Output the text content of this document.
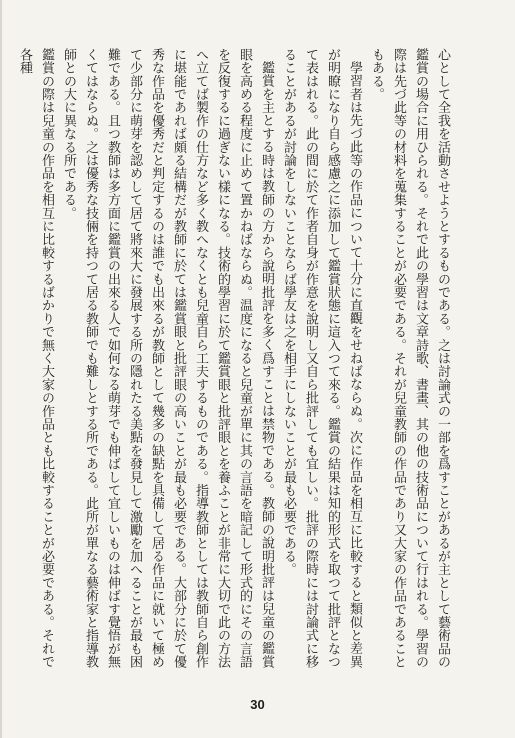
心として全我を活動させようとするものである。之は討論式の一部を爲すことがあるが主として藝術品の鑑賞の場合に用ひられる。それで此の學習は文章詩歌、書畫、其の他の技術品について行はれる。學習の際は先づ此等の材料を蒐集することが必要である。それが兒童教師の作品であり又大家の作品であることもある。

學習者は先づ此等の作品について十分に直觀をせねばならぬ。次に作品を相互に比較すると類似と差異が明瞭になり自ら感慮之に添加して鑑賞狀態に這入つて來る。鑑賞の結果は知的形式を取つて批評となつて表はれる。此の間に於て作者自身が作意を說明し又自ら批評しても宜しい。批評の際時には討論式に移ることがあるが討論をしないことならば學友は之を相手にしないことが最も必要である。

鑑賞を主とする時は教師の方から說明批評を多く爲すことは禁物である。教師の說明批評は兒童の鑑賞眼を高める程度に止めて置かねばならぬ。温度になると兒童が單に其の言語を暗記して形式的にその言語を反復するに過ぎない樣になる。技術的學習に於て鑑賞眼と批評眼とを養ふことが非常に大切で此の方法へ立てば製作の仕方など多く教へなくとも兒童自ら工夫するものである。指導教師としては教師自ら創作に堪能であれば頗る結構だが教師に於ては鑑賞眼と批評眼の高いことが最も必要である。大部分に於て優秀な作品を優秀だと判定するのは誰でも出來るが教師として幾多の缺點を具備して居る作品に就いて極めて少部分に萌芽を認めして居て將來大に發展する所の隱れたる美點を發見して激勵を加へることが最も困難である。且つ教師は多方面に鑑賞の出來る人で如何なる萌芽でも伸ばして宜しいものは伸ばす覺悟が無くてはならぬ。之は優秀な技倆を持つて居る教師でも難しとする所である。此所が單なる藝術家と指導教師との大に異なる所である。

鑑賞の際は兒童の作品を相互に比較するばかりで無く大家の作品とも比較することが必要である。それで各種

30
